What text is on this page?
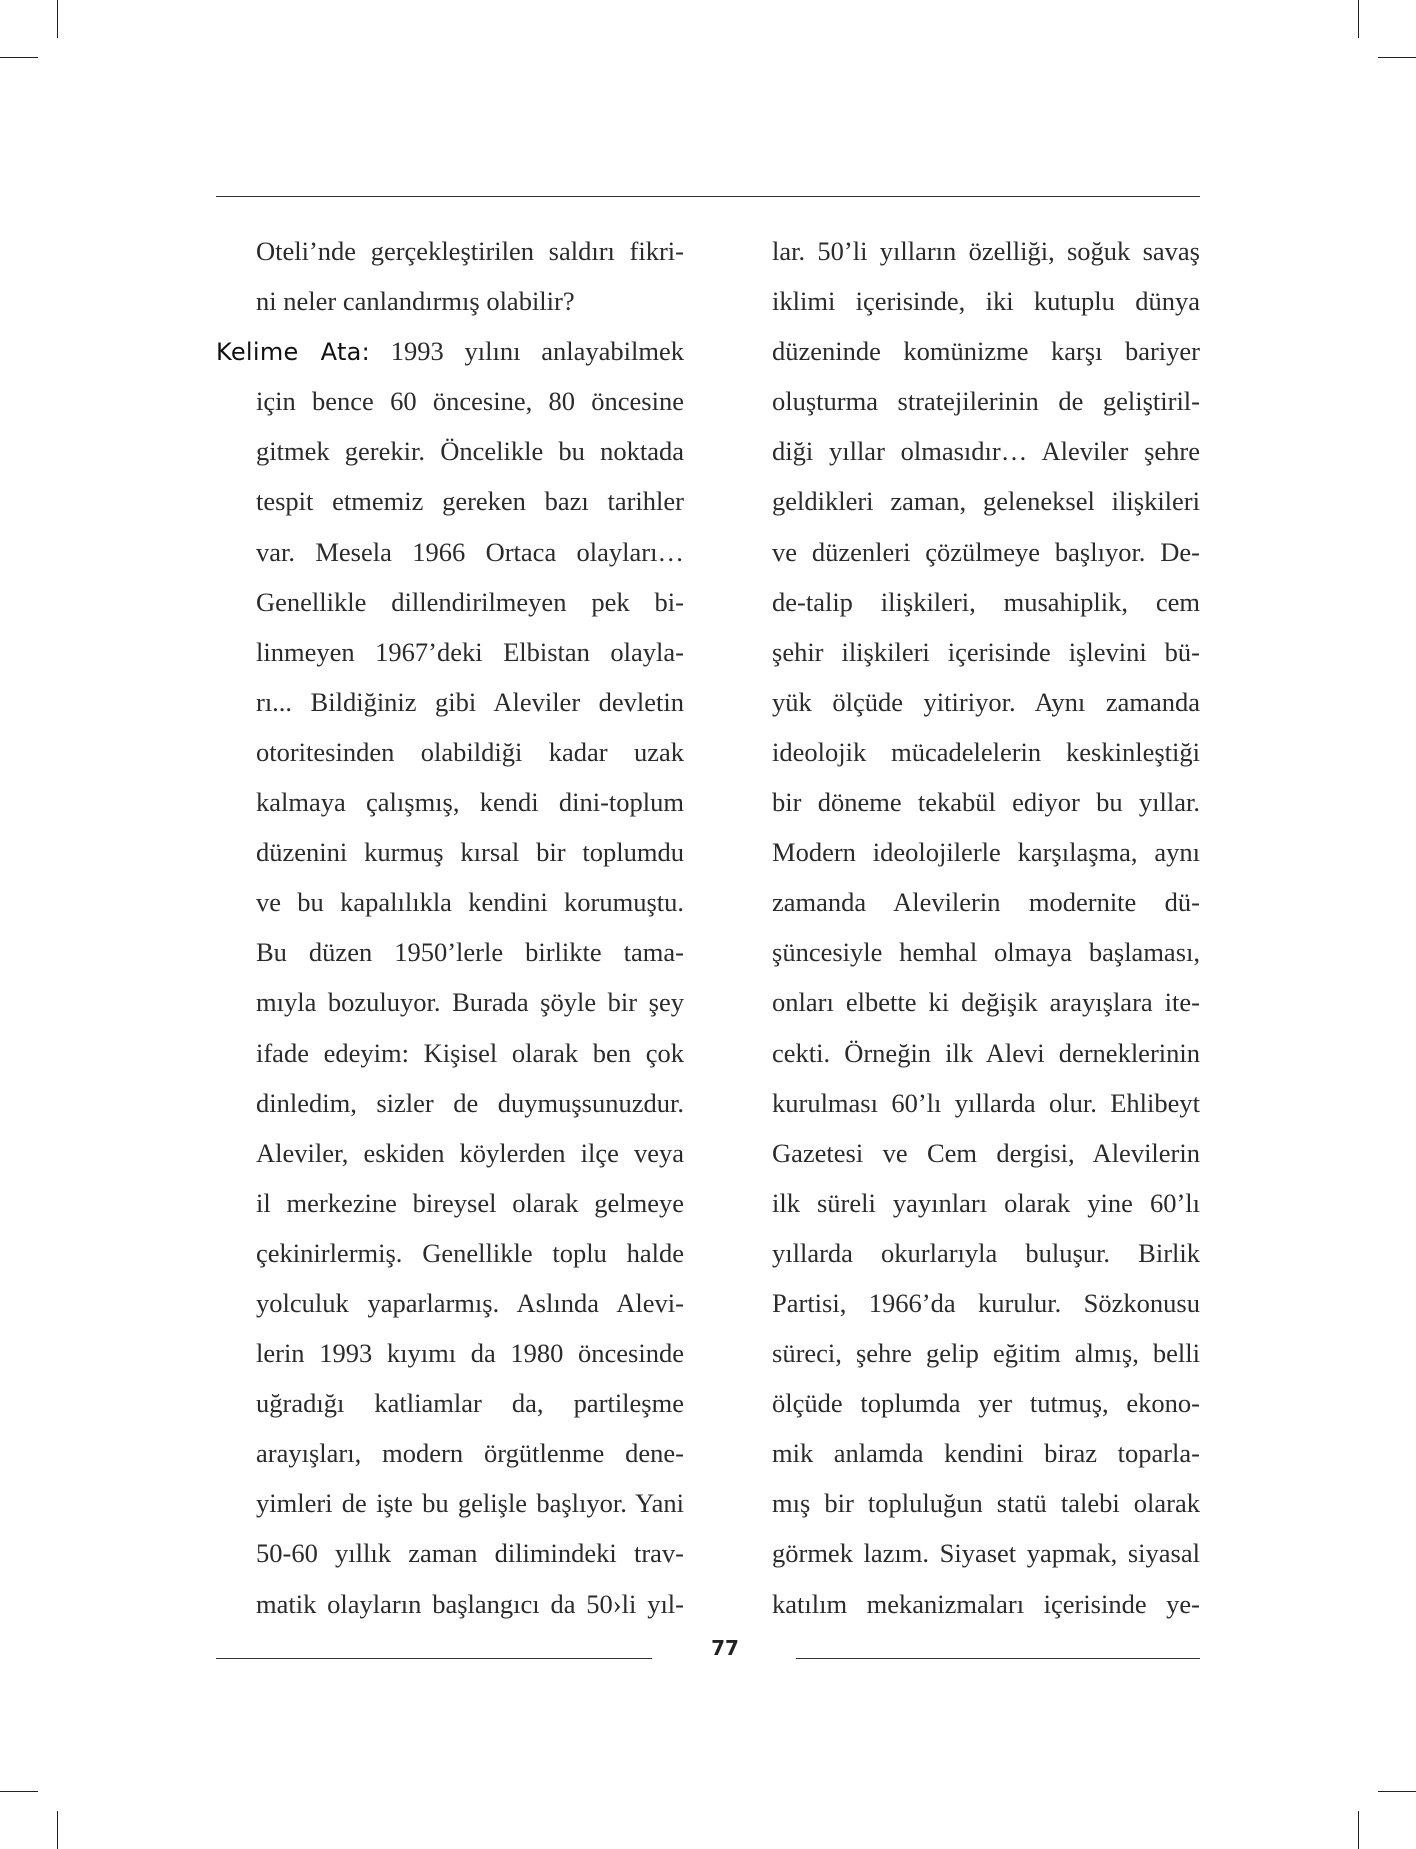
Oteli’nde gerçekleştirilen saldırı fikri-
ni neler canlandırmış olabilir?
Kelime Ata: 1993 yılını anlayabilmek
için bence 60 öncesine, 80 öncesine
gitmek gerekir. Öncelikle bu noktada
tespit etmemiz gereken bazı tarihler
var. Mesela 1966 Ortaca olayları…
Genellikle dillendirilmeyen pek bi-
linmeyen 1967’deki Elbistan olayla-
rı... Bildiğiniz gibi Aleviler devletin
otoritesinden olabildiği kadar uzak
kalmaya çalışmış, kendi dini-toplum
düzenini kurmuş kırsal bir toplumdu
ve bu kapalılıkla kendini korumuştu.
Bu düzen 1950’lerle birlikte tama-
mıyla bozuluyor. Burada şöyle bir şey
ifade edeyim: Kişisel olarak ben çok
dinledim, sizler de duymuşsunuzdur.
Aleviler, eskiden köylerden ilçe veya
il merkezine bireysel olarak gelmeye
çekinirlermiş. Genellikle toplu halde
yolculuk yaparlarmış. Aslında Alevi-
lerin 1993 kıyımı da 1980 öncesinde
uğradığı katliamlar da, partileşme
arayışları, modern örgütlenme dene-
yimleri de işte bu gelişle başlıyor. Yani
50-60 yıllık zaman dilimindeki trav-
matik olayların başlangıcı da 50›li yıl-
lar. 50’li yılların özelliği, soğuk savaş
iklimi içerisinde, iki kutuplu dünya
düzeninde komünizme karşı bariyer
oluşturma stratejilerinin de geliştiril-
diği yıllar olmasıdır… Aleviler şehre
geldikleri zaman, geleneksel ilişkileri
ve düzenleri çözülmeye başlıyor. De-
de-talip ilişkileri, musahiplik, cem
şehir ilişkileri içerisinde işlevini bü-
yük ölçüde yitiriyor. Aynı zamanda
ideolojik mücadelelerin keskinleştiği
bir döneme tekabül ediyor bu yıllar.
Modern ideolojilerle karşılaşma, aynı
zamanda Alevilerin modernite dü-
şüncesiyle hemhal olmaya başlaması,
onları elbette ki değişik arayışlara ite-
cekti. Örneğin ilk Alevi derneklerinin
kurulması 60’lı yıllarda olur. Ehlibeyt
Gazetesi ve Cem dergisi, Alevilerin
ilk süreli yayınları olarak yine 60’lı
yıllarda okurlarıyla buluşur. Birlik
Partisi, 1966’da kurulur. Sözkonusu
süreci, şehre gelip eğitim almış, belli
ölçüde toplumda yer tutmuş, ekono-
mik anlamda kendini biraz toparla-
mış bir topluluğun statü talebi olarak
görmek lazım. Siyaset yapmak, siyasal
katılım mekanizmaları içerisinde ye-
77
